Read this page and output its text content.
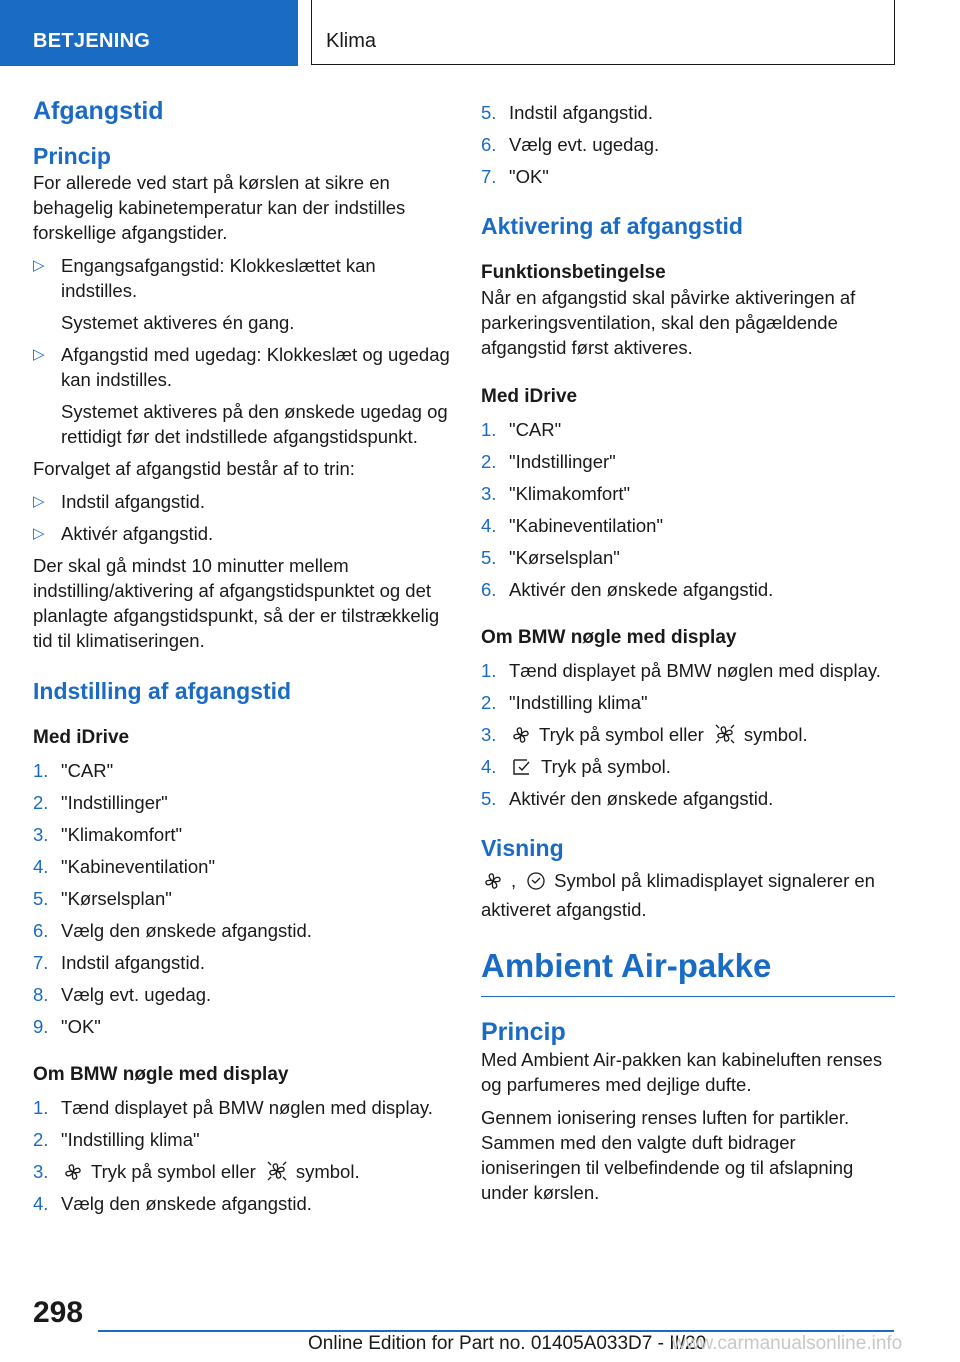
BETJENING	Klima
Afgangstid
Princip

For allerede ved start på kørslen at sikre en behagelig kabinetemperatur kan der indstilles forskellige afgangstider.

▷ Engangsafgangstid: Klokkeslættet kan indstilles.
Systemet aktiveres én gang.
▷ Afgangstid med ugedag: Klokkeslæt og ugedag kan indstilles.
Systemet aktiveres på den ønskede ugedag og rettidigt før det indstillede afgangstidspunkt.

Forvalget af afgangstid består af to trin:

▷ Indstil afgangstid.
▷ Aktivér afgangstid.

Der skal gå mindst 10 minutter mellem indstilling/aktivering af afgangstidspunktet og det planlagte afgangstidspunkt, så der er tilstrækkelig tid til klimatiseringen.

Indstilling af afgangstid
Med iDrive
1. "CAR"
2. "Indstillinger"
3. "Klimakomfort"
4. "Kabineventilation"
5. "Kørselsplan"
6. Vælg den ønskede afgangstid.
7. Indstil afgangstid.
8. Vælg evt. ugedag.
9. "OK"
Om BMW nøgle med display
1. Tænd displayet på BMW nøglen med display.
2. "Indstilling klima"
3. Tryk på symbol eller symbol.
4. Vælg den ønskede afgangstid.
5. Indstil afgangstid.
6. Vælg evt. ugedag.
7. "OK"
Aktivering af afgangstid
Funktionsbetingelse

Når en afgangstid skal påvirke aktiveringen af parkeringsventilation, skal den pågældende afgangstid først aktiveres.

Med iDrive
1. "CAR"
2. "Indstillinger"
3. "Klimakomfort"
4. "Kabineventilation"
5. "Kørselsplan"
6. Aktivér den ønskede afgangstid.
Om BMW nøgle med display
1. Tænd displayet på BMW nøglen med display.
2. "Indstilling klima"
3. Tryk på symbol eller symbol.
4. Tryk på symbol.
5. Aktivér den ønskede afgangstid.
Visning

, Symbol på klimadisplayet signalerer en aktiveret afgangstid.

Ambient Air-pakke
Princip

Med Ambient Air-pakken kan kabineluften renses og parfumeres med dejlige dufte.

Gennem ionisering renses luften for partikler. Sammen med den valgte duft bidrager ioniseringen til velbefindende og til afslapning under kørslen.

298
Online Edition for Part no. 01405A033D7 - II/20
www.carmanualsonline.info
